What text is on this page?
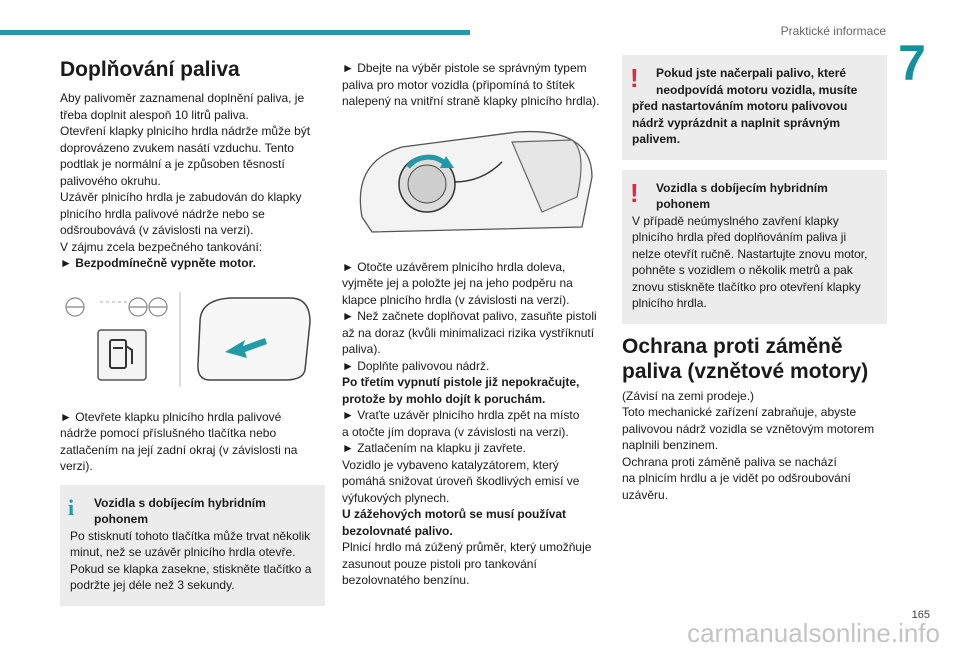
Praktické informace
7
Doplňování paliva

Aby palivoměr zaznamenal doplnění paliva, je
třeba doplnit alespoň 10 litrů paliva.
Otevření klapky plnicího hrdla nádrže může být
doprovázeno zvukem nasátí vzduchu. Tento
podtlak je normální a je způsoben těsností
palivového okruhu.
Uzávěr plnicího hrdla je zabudován do klapky
plnicího hrdla palivové nádrže nebo se
odšroubovává (v závislosti na verzi).
V zájmu zcela bezpečného tankování:

► Bezpodmínečně vypněte motor.

► Otevřete klapku plnicího hrdla palivové
nádrže pomocí příslušného tlačítka nebo
zatlačením na její zadní okraj (v závislosti na
verzi).

i	Vozidla s dobíjecím hybridním
pohonem
Po stisknutí tohoto tlačítka může trvat několik
minut, než se uzávěr plnicího hrdla otevře.
Pokud se klapka zasekne, stiskněte tlačítko a
podržte jej déle než 3 sekundy.

► Dbejte na výběr pistole se správným typem
paliva pro motor vozidla (připomíná to štítek
nalepený na vnitřní straně klapky plnicího hrdla).

► Otočte uzávěrem plnicího hrdla doleva,
vyjměte jej a položte jej na jeho podpěru na
klapce plnicího hrdla (v závislosti na verzi).
► Než začnete doplňovat palivo, zasuňte pistoli
až na doraz (kvůli minimalizaci rizika vystříknutí
paliva).
► Doplňte palivovou nádrž.

Po třetím vypnutí pistole již nepokračujte,
protože by mohlo dojít k poruchám.

► Vraťte uzávěr plnicího hrdla zpět na místo
a otočte jím doprava (v závislosti na verzi).
► Zatlačením na klapku ji zavřete.
Vozidlo je vybaveno katalyzátorem, který
pomáhá snižovat úroveň škodlivých emisí ve
výfukových plynech.

U zážehových motorů se musí používat
bezolovnaté palivo.

Plnicí hrdlo má zúžený průměr, který umožňuje
zasunout pouze pistoli pro tankování
bezolovnatého benzínu.

!	Pokud jste načerpali palivo, které
neodpovídá motoru vozidla, musíte
před nastartováním motoru palivovou
nádrž vyprázdnit a naplnit správným
palivem.
!	Vozidla s dobíjecím hybridním
pohonem
V případě neúmyslného zavření klapky
plnicího hrdla před doplňováním paliva ji
nelze otevřít ručně. Nastartujte znovu motor,
pohněte s vozidlem o několik metrů a pak
znovu stiskněte tlačítko pro otevření klapky
plnicího hrdla.
Ochrana proti záměně
paliva (vznětové motory)

(Závisí na zemi prodeje.)
Toto mechanické zařízení zabraňuje, abyste
palivovou nádrž vozidla se vznětovým motorem
naplnili benzinem.
Ochrana proti záměně paliva se nachází
na plnicím hrdlu a je vidět po odšroubování
uzávěru.

165
carmanualsonline.info
